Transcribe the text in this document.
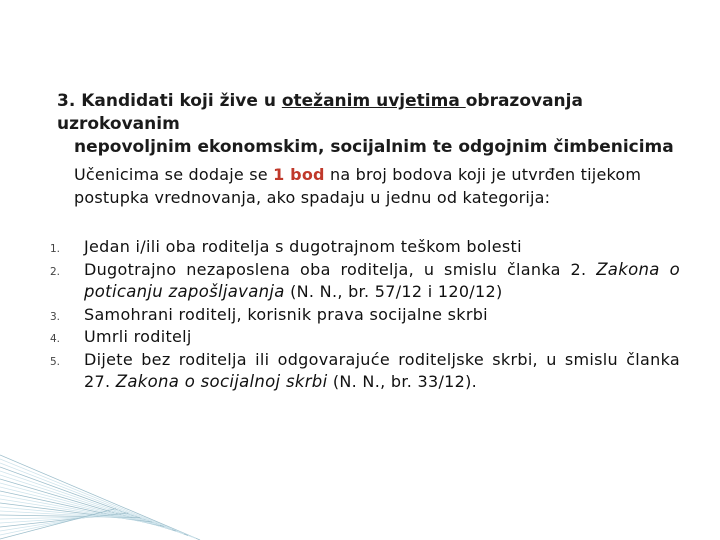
3. Kandidati koji žive u otežanim uvjetima obrazovanja uzrokovanim
nepovoljnim ekonomskim, socijalnim te odgojnim čimbenicima
Učenicima se dodaje se 1 bod na broj bodova koji je utvrđen tijekom
postupka vrednovanja, ako spadaju u jednu od kategorija:
1. Jedan i/ili oba roditelja s dugotrajnom teškom bolesti
2. Dugotrajno nezaposlena oba roditelja, u smislu članka 2. Zakona o poticanju zapošljavanja (N. N., br. 57/12 i 120/12)
3. Samohrani roditelj, korisnik prava socijalne skrbi
4. Umrli roditelj
5. Dijete bez roditelja ili odgovarajuće roditeljske skrbi, u smislu članka 27. Zakona o socijalnoj skrbi (N. N., br. 33/12).
